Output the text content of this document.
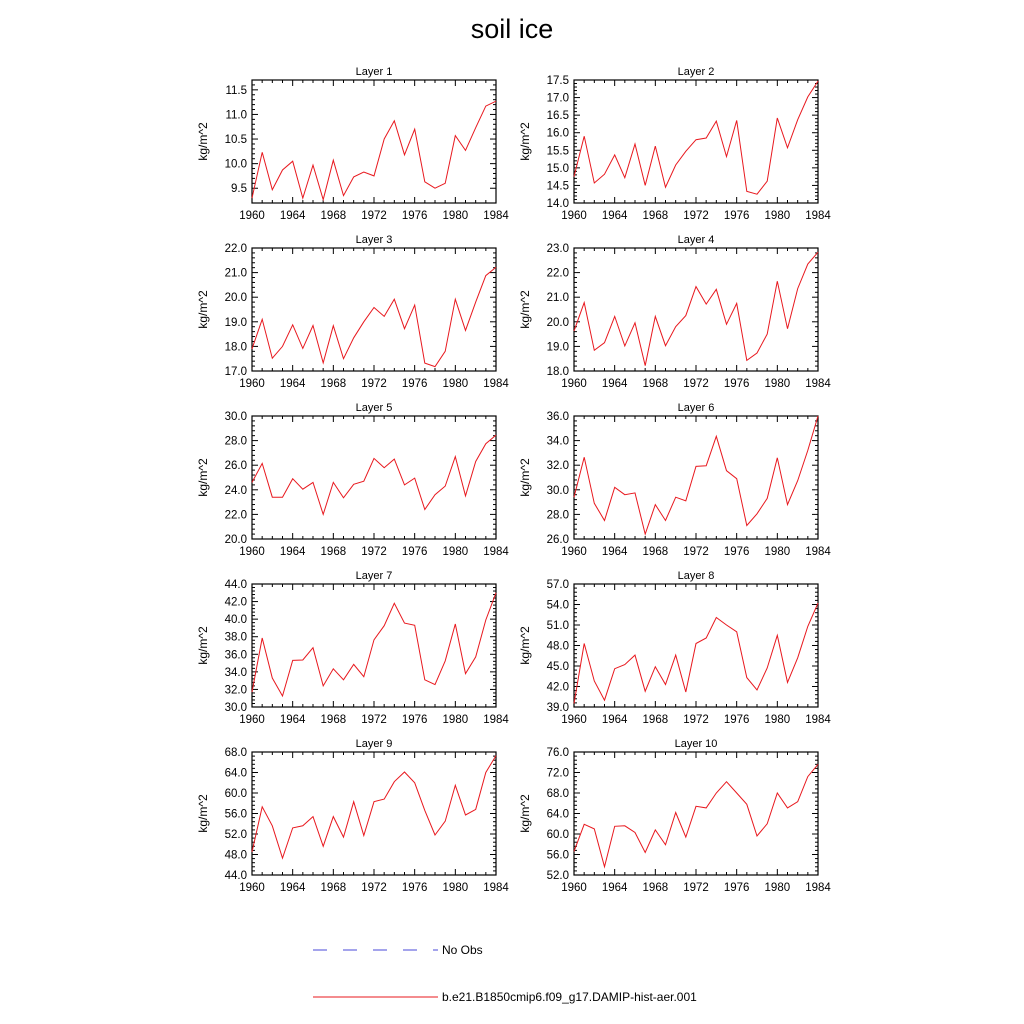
soil ice
Layer 1
kg/m^2
1960 1964 1968 1972 1976 1980 1984
9.5
10.0
10.5
11.0
11.5
Layer 2
kg/m^2
1960 1964 1968 1972 1976 1980 1984
14.0
14.5
15.0
15.5
16.0
16.5
17.0
17.5
Layer 3
kg/m^2
1960 1964 1968 1972 1976 1980 1984
17.0
18.0
19.0
20.0
21.0
22.0
Layer 4
kg/m^2
1960 1964 1968 1972 1976 1980 1984
18.0
19.0
20.0
21.0
22.0
23.0
Layer 5
kg/m^2
1960 1964 1968 1972 1976 1980 1984
20.0
22.0
24.0
26.0
28.0
30.0
Layer 6
kg/m^2
1960 1964 1968 1972 1976 1980 1984
26.0
28.0
30.0
32.0
34.0
36.0
Layer 7
kg/m^2
1960 1964 1968 1972 1976 1980 1984
30.0
32.0
34.0
36.0
38.0
40.0
42.0
44.0
Layer 8
kg/m^2
1960 1964 1968 1972 1976 1980 1984
39.0
42.0
45.0
48.0
51.0
54.0
57.0
Layer 9
kg/m^2
1960 1964 1968 1972 1976 1980 1984
44.0
48.0
52.0
56.0
60.0
64.0
68.0
Layer 10
kg/m^2
1960 1964 1968 1972 1976 1980 1984
52.0
56.0
60.0
64.0
68.0
72.0
76.0
No Obs
b.e21.B1850cmip6.f09_g17.DAMIP-hist-aer.001
